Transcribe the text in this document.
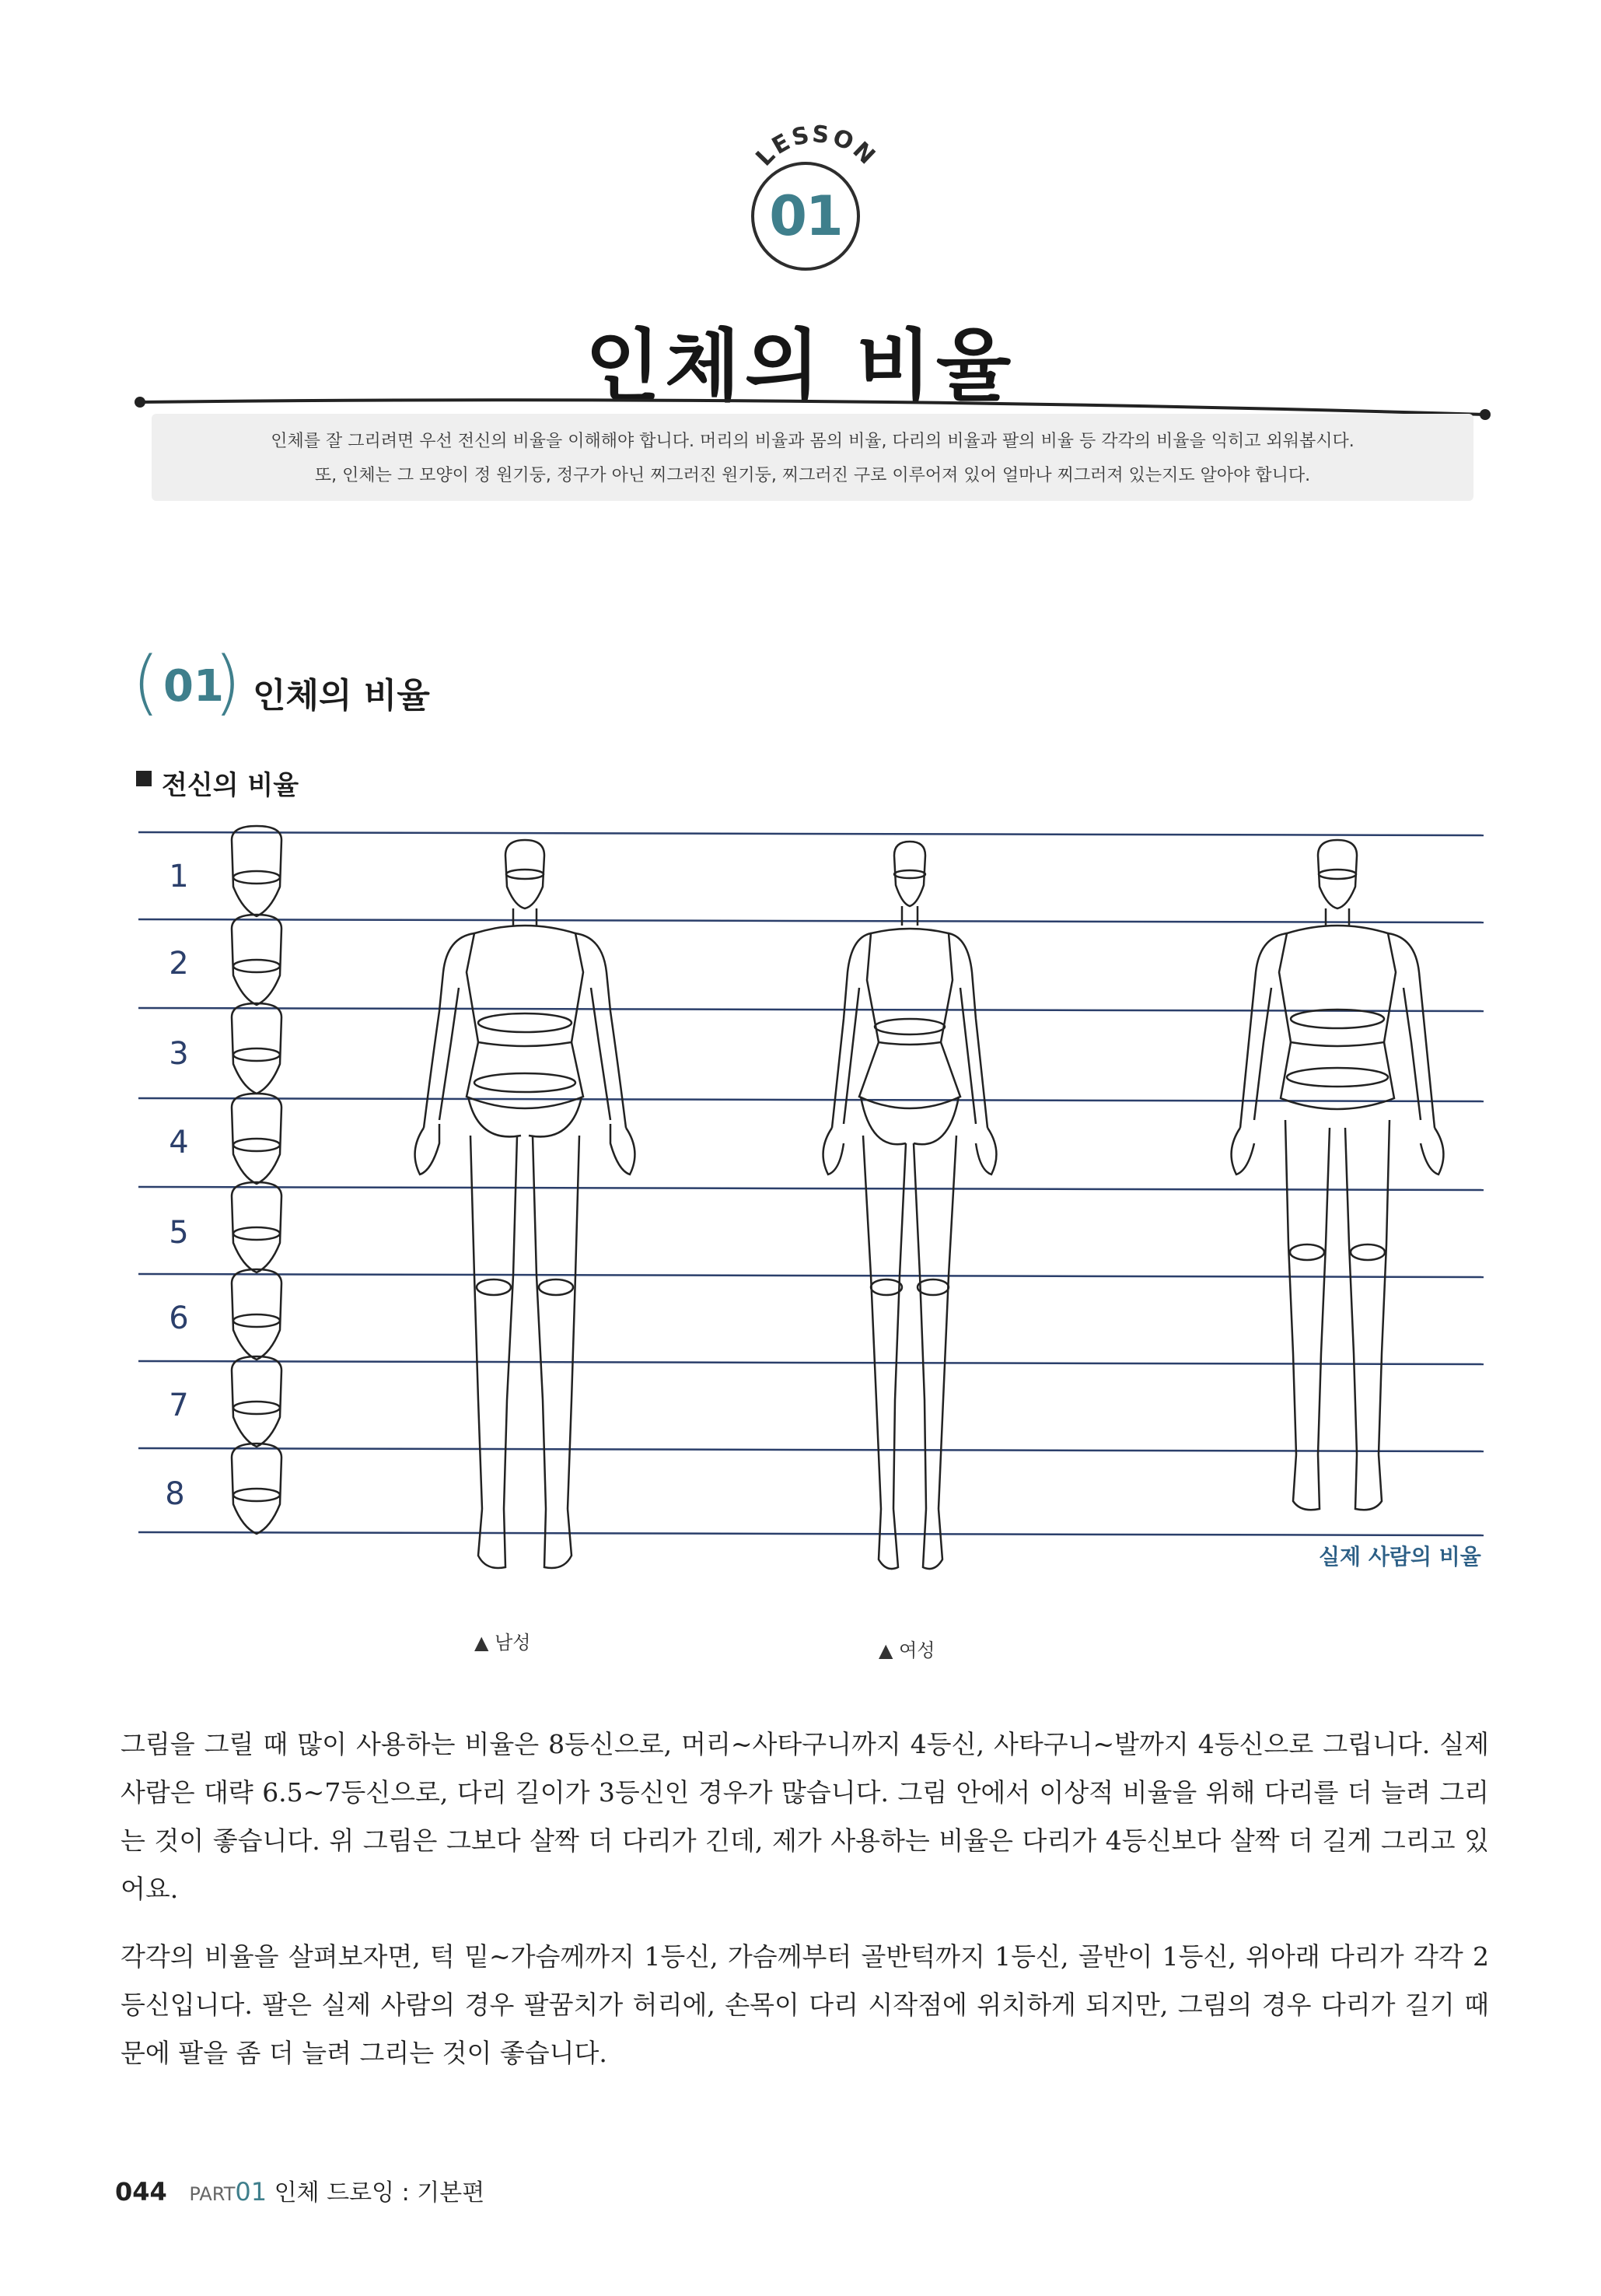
LESSON
01
인체의 비율
인체를 잘 그리려면 우선 전신의 비율을 이해해야 합니다. 머리의 비율과 몸의 비율, 다리의 비율과 팔의 비율 등 각각의 비율을 익히고 외워봅시다.
또, 인체는 그 모양이 정 원기둥, 정구가 아닌 찌그러진 원기둥, 찌그러진 구로 이루어져 있어 얼마나 찌그러져 있는지도 알아야 합니다.
( 01
) 인체의 비율
전신의 비율
1
2
3
4
5
6
7
8
▲ 남성	▲ 여성
실제 사람의 비율
그림을 그릴 때 많이 사용하는 비율은 8등신으로, 머리~사타구니까지 4등신, 사타구니~발까지 4등신으로 그립니다. 실제 사람은 대략 6.5~7등신으로, 다리 길이가 3등신인 경우가 많습니다. 그림 안에서 이상적 비율을 위해 다리를 더 늘려 그리는 것이 좋습니다. 위 그림은 그보다 살짝 더 다리가 긴데, 제가 사용하는 비율은 다리가 4등신보다 살짝 더 길게 그리고 있어요.
각각의 비율을 살펴보자면, 턱 밑~가슴께까지 1등신, 가슴께부터 골반턱까지 1등신, 골반이 1등신, 위아래 다리가 각각 2등신입니다. 팔은 실제 사람의 경우 팔꿈치가 허리에, 손목이 다리 시작점에 위치하게 되지만, 그림의 경우 다리가 길기 때문에 팔을 좀 더 늘려 그리는 것이 좋습니다.
044 PART01 인체 드로잉 : 기본편
